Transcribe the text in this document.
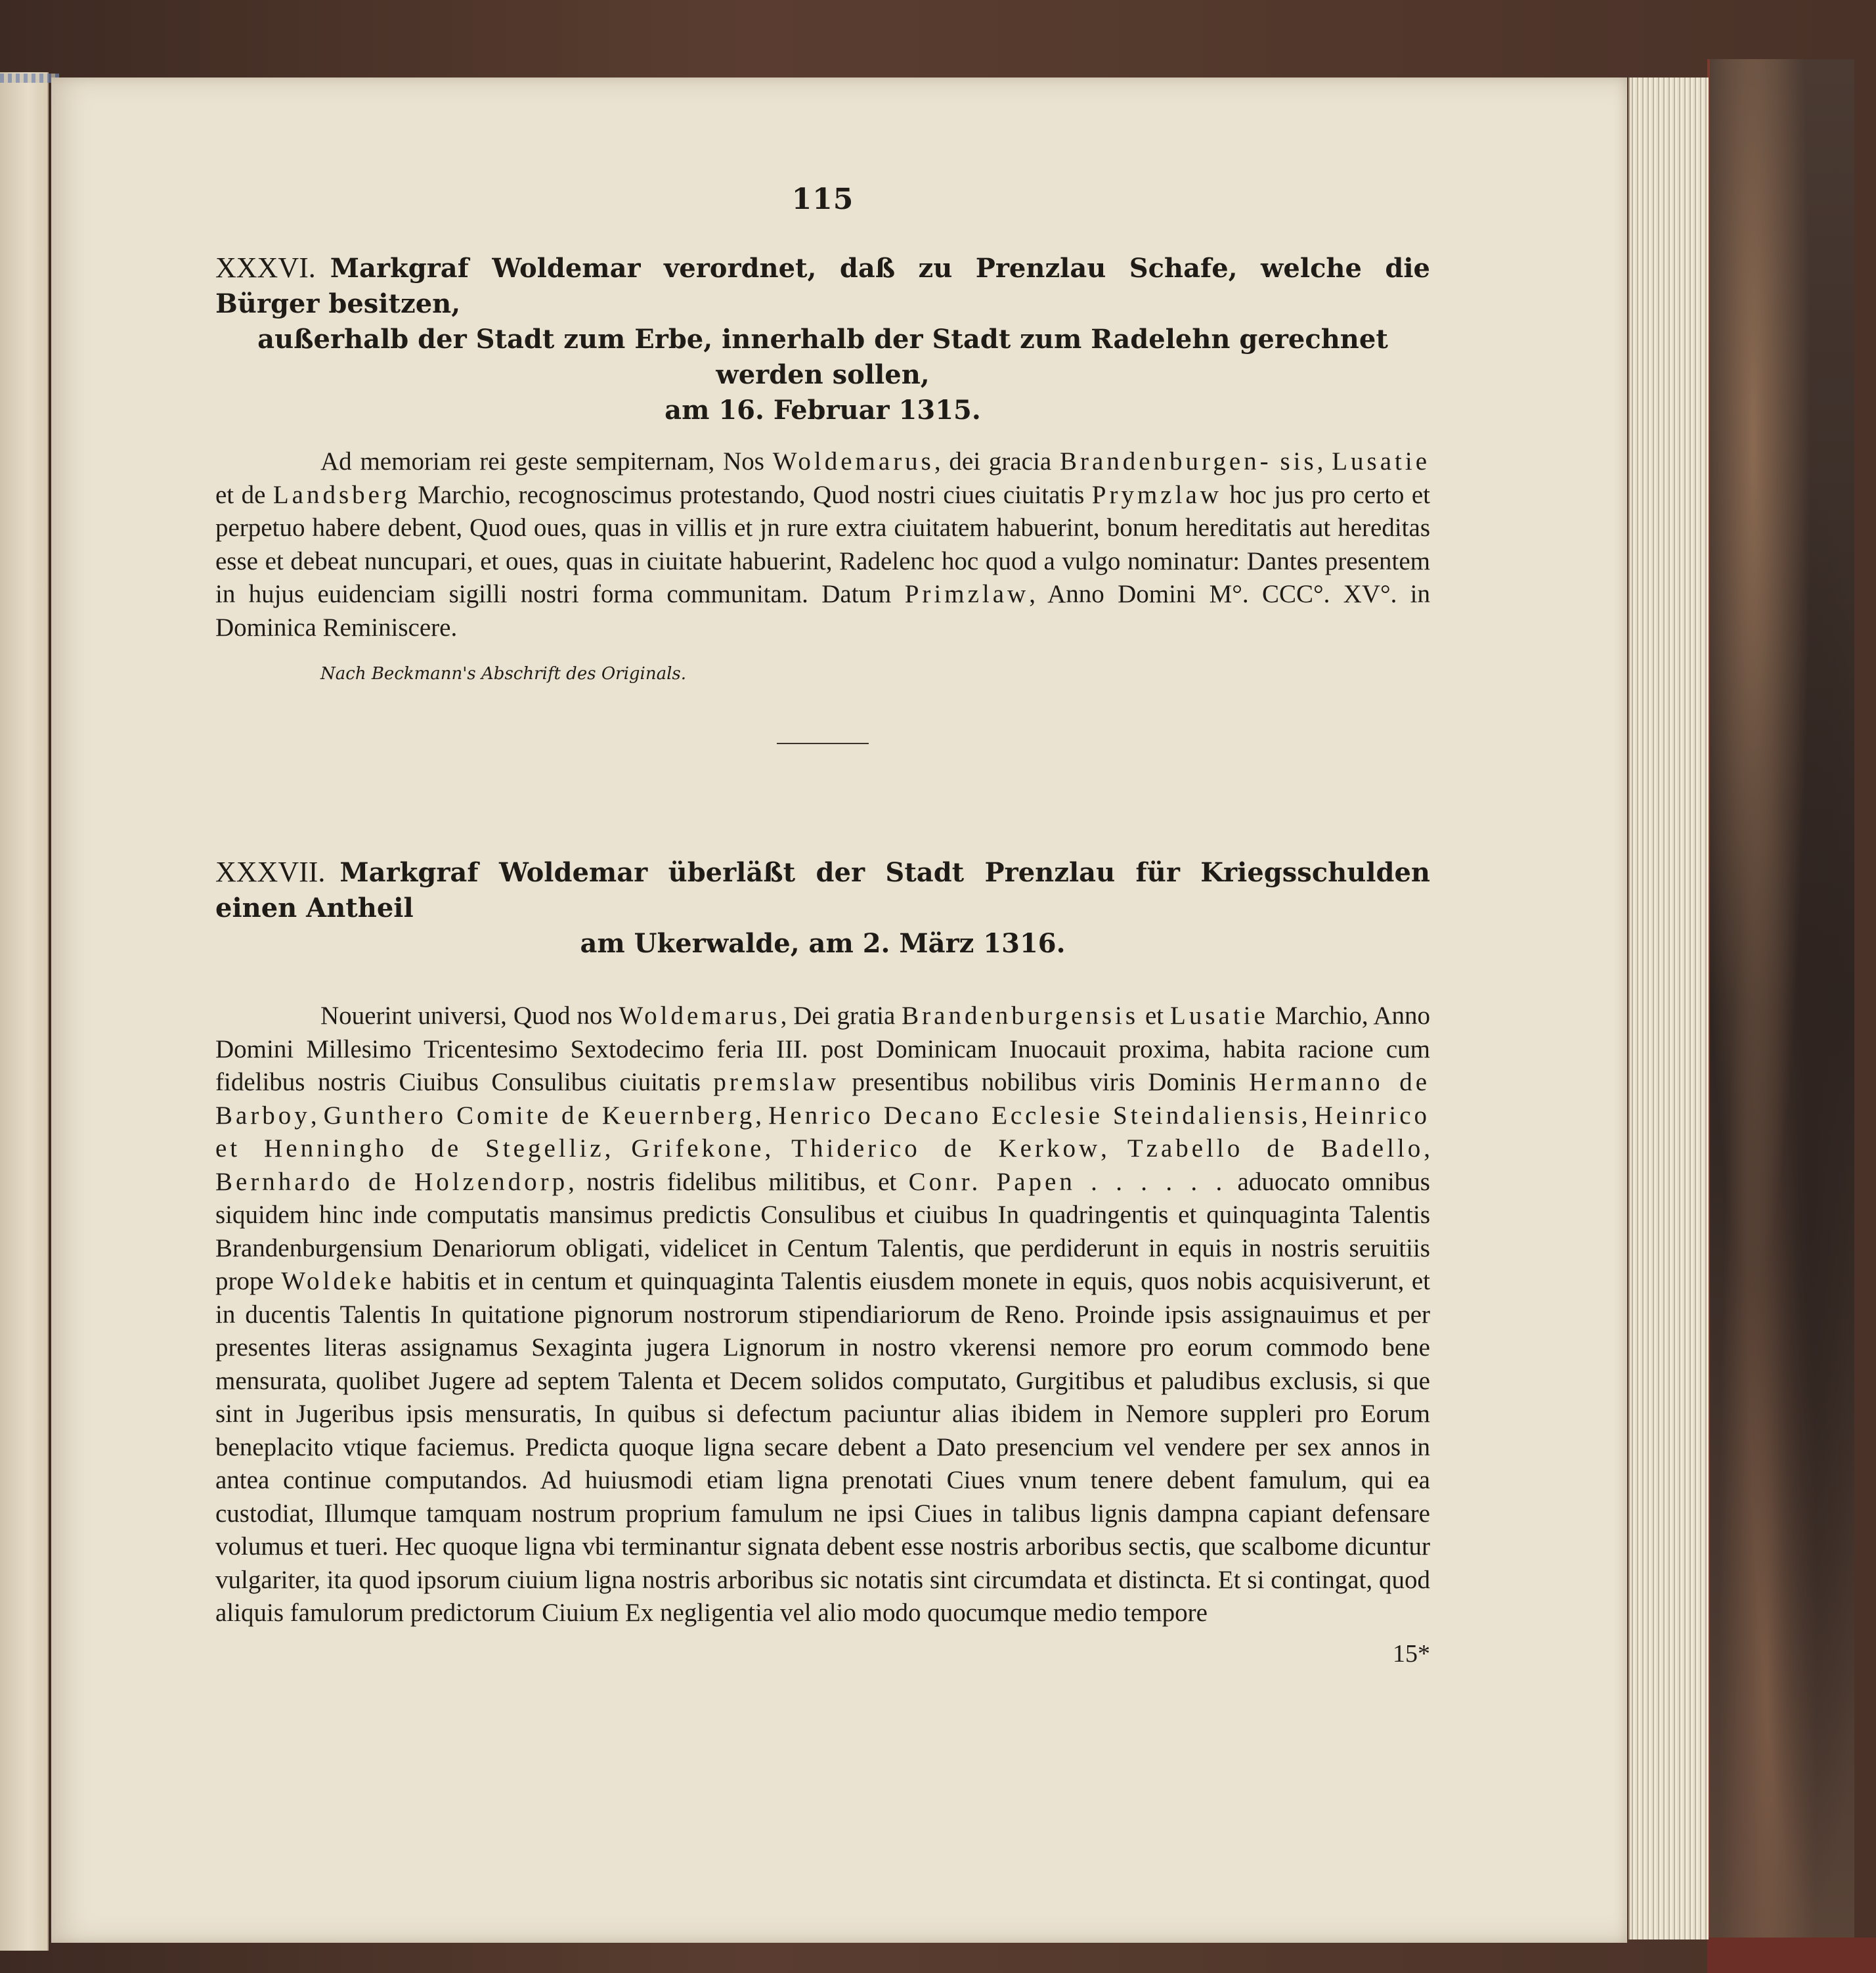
115

XXXVI. Markgraf Woldemar verordnet, daß zu Prenzlau Schafe, welche die Bürger besitzen,

außerhalb der Stadt zum Erbe, innerhalb der Stadt zum Radelehn gerechnet werden sollen,

am 16. Februar 1315.

Ad memoriam rei geste sempiternam, Nos Woldemarus, dei gracia Brandenburgen- sis, Lusatie et de Landsberg Marchio, recognoscimus protestando, Quod nostri ciues ciuitatis Prymzlaw hoc jus pro certo et perpetuo habere debent, Quod oues, quas in villis et jn rure extra ciuitatem habuerint, bonum hereditatis aut hereditas esse et debeat nuncupari, et oues, quas in ciuitate habuerint, Radelenc hoc quod a vulgo nominatur: Dantes presentem in hujus euidenciam sigilli nostri forma communitam. Datum Primzlaw, Anno Domini M°. CCC°. XV°. in Dominica Reminiscere.

Nach Beckmann's Abschrift des Originals.

XXXVII. Markgraf Woldemar überläßt der Stadt Prenzlau für Kriegsschulden einen Antheil

am Ukerwalde, am 2. März 1316.

Nouerint universi, Quod nos Woldemarus, Dei gratia Brandenburgensis et Lusatie Marchio, Anno Domini Millesimo Tricentesimo Sextodecimo feria III. post Dominicam Inuocauit proxima, habita racione cum fidelibus nostris Ciuibus Consulibus ciuitatis premslaw presentibus nobilibus viris Dominis Hermanno de Barboy, Gunthero Comite de Keuernberg, Henrico Decano Ecclesie Steindaliensis, Heinrico et Henningho de Stegelliz, Grifekone, Thiderico de Kerkow, Tzabello de Badello, Bernhardo de Holzendorp, nostris fidelibus militibus, et Conr. Papen . . . . . . aduocato omnibus siquidem hinc inde computatis mansimus predictis Consulibus et ciuibus In quadringentis et quinquaginta Talentis Brandenburgensium Denariorum obligati, videlicet in Centum Talentis, que perdiderunt in equis in nostris seruitiis prope Woldeke habitis et in centum et quinquaginta Talentis eiusdem monete in equis, quos nobis acquisiverunt, et in ducentis Talentis In quitatione pignorum nostrorum stipendiariorum de Reno. Proinde ipsis assignauimus et per presentes literas assignamus Sexaginta jugera Lignorum in nostro vkerensi nemore pro eorum commodo bene mensurata, quolibet Jugere ad septem Talenta et Decem solidos computato, Gurgitibus et paludibus exclusis, si que sint in Jugeribus ipsis mensuratis, In quibus si defectum paciuntur alias ibidem in Nemore suppleri pro Eorum beneplacito vtique faciemus. Predicta quoque ligna secare debent a Dato presencium vel vendere per sex annos in antea continue computandos. Ad huiusmodi etiam ligna prenotati Ciues vnum tenere debent famulum, qui ea custodiat, Illumque tamquam nostrum proprium famulum ne ipsi Ciues in talibus lignis dampna capiant defensare volumus et tueri. Hec quoque ligna vbi terminantur signata debent esse nostris arboribus sectis, que scalbome dicuntur vulgariter, ita quod ipsorum ciuium ligna nostris arboribus sic notatis sint circumdata et distincta. Et si contingat, quod aliquis famulorum predictorum Ciuium Ex negligentia vel alio modo quocumque medio tempore

15*
